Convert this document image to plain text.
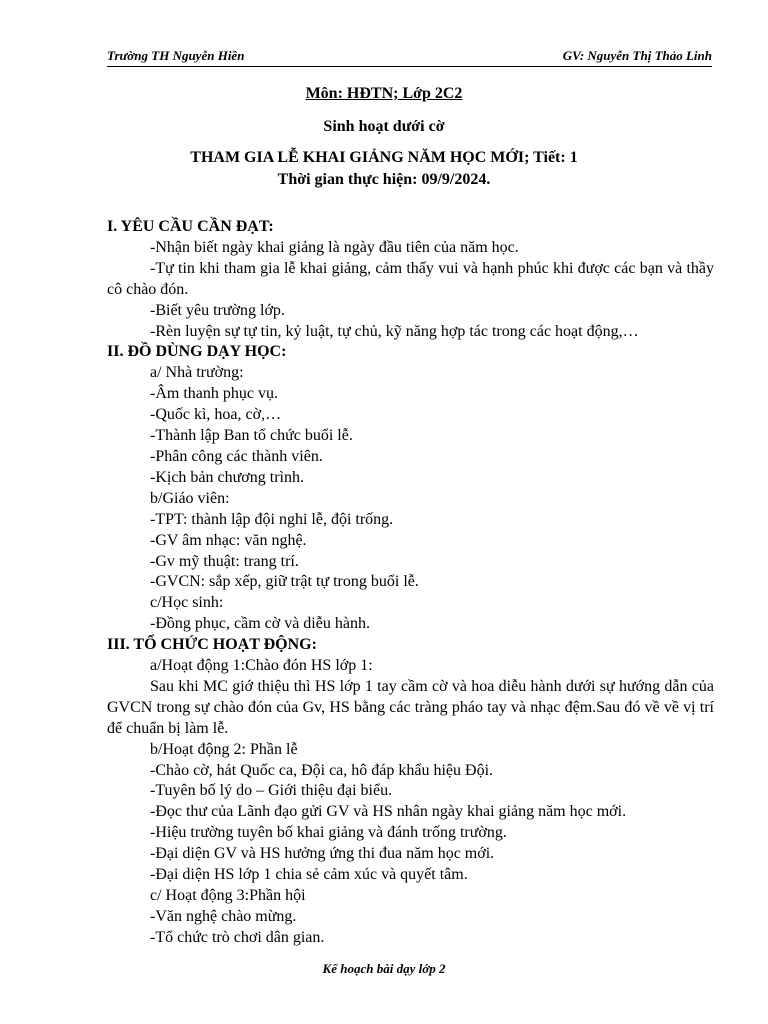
Trường TH Nguyễn Hiền	GV: Nguyễn Thị Thảo Linh
Môn: HĐTN; Lớp 2C2
Sinh hoạt dưới cờ
THAM GIA LỄ KHAI GIẢNG NĂM HỌC MỚI; Tiết: 1
Thời gian thực hiện: 09/9/2024.
I. YÊU CẦU CẦN ĐẠT:
-Nhận biết ngày khai giảng là ngày đầu tiên của năm học.
-Tự tin khi tham gia lễ khai giảng, cảm thấy vui và hạnh phúc khi được các bạn và thầy cô chào đón.
-Biết yêu trường lớp.
-Rèn luyện sự tự tin, kỷ luật, tự chủ, kỹ năng hợp tác trong các hoạt động,…
II. ĐỒ DÙNG DẠY HỌC:
a/ Nhà trường:
-Âm thanh phục vụ.
-Quốc kì, hoa, cờ,…
-Thành lập Ban tổ chức buổi lễ.
-Phân công các thành viên.
-Kịch bản chương trình.
b/Giáo viên:
-TPT: thành lập đội nghi lễ, đội trống.
-GV âm nhạc: văn nghệ.
-Gv mỹ thuật: trang trí.
-GVCN: sắp xếp, giữ trật tự trong buổi lễ.
c/Học sinh:
-Đồng phục, cầm cờ và diễu hành.
III. TỔ CHỨC HOẠT ĐỘNG:
a/Hoạt động 1:Chào đón HS lớp 1:
Sau khi MC giớ thiệu thì HS lớp 1 tay cầm cờ và hoa diễu hành dưới sự hướng dẫn của GVCN trong sự chào đón của Gv, HS bằng các tràng pháo tay và nhạc đệm.Sau đó về về vị trí để chuẩn bị làm lễ.
b/Hoạt động 2: Phần lễ
-Chào cờ, hát Quốc ca, Đội ca, hô đáp khẩu hiệu Đội.
-Tuyên bố lý do – Giới thiệu đại biểu.
-Đọc thư của Lãnh đạo gửi GV và HS nhân ngày khai giảng năm học mới.
-Hiệu trường tuyên bố khai giảng và đánh trống trường.
-Đại diện GV và HS hưởng ứng thi đua năm học mới.
-Đại diện HS lớp 1 chia sẻ cảm xúc và quyết tâm.
c/ Hoạt động 3:Phần hội
-Văn nghệ chào mừng.
-Tổ chức trò chơi dân gian.
Kế hoạch bài dạy lớp 2
